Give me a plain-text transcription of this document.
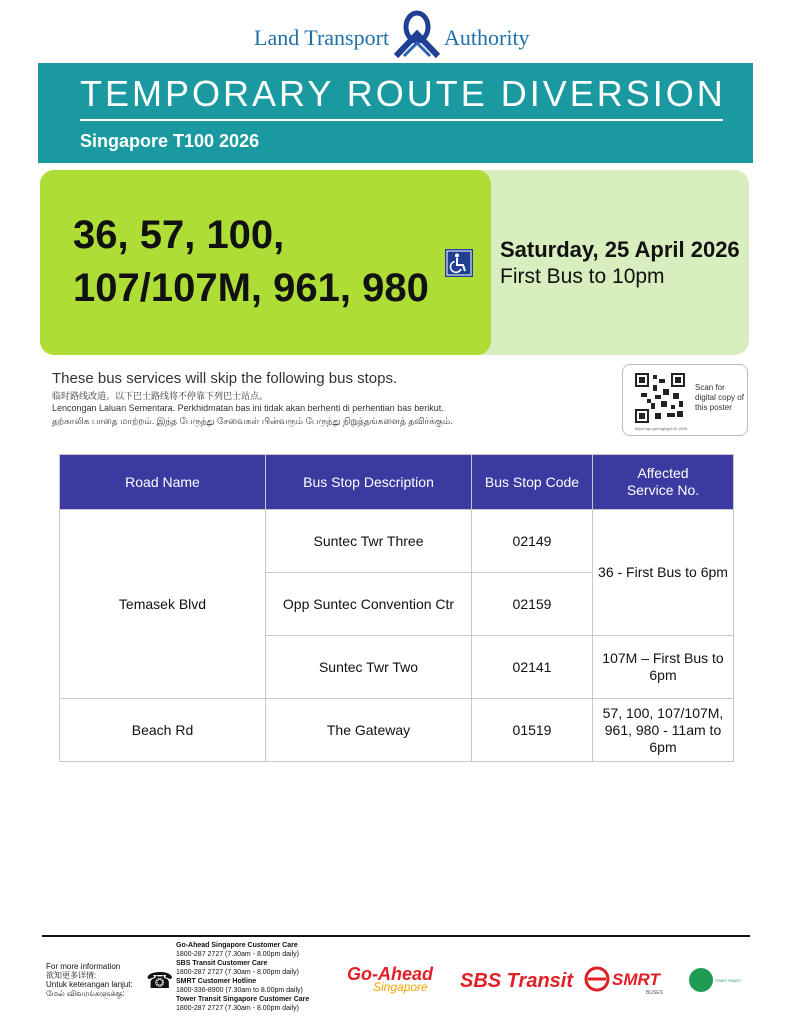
Land Transport Authority
TEMPORARY ROUTE DIVERSION
Singapore T100 2026
36, 57, 100,
107/107M, 961, 980
Saturday, 25 April 2026
First Bus to 10pm
These bus services will skip the following bus stops.
临时路线改道。以下巴士路线将不停靠下列巴士站点。
Lencongan Laluan Sementara. Perkhidmatan bas ini tidak akan berhenti di perhentian bas berikut.
தற்காலிக பாதை மாற்றம். இந்த பேருந்து சேவைகள் பின்வரும் பேருந்து நிறுத்தங்களைத் தவிர்க்கும்.
Scan for digital copy of this poster
https://go.gov.sg/sgt100-2026
Road Name	Bus Stop Description	Bus Stop Code	Affected Service No.
Temasek Blvd	Suntec Twr Three	02149	36 - First Bus to 6pm
	Opp Suntec Convention Ctr	02159	
	Suntec Twr Two	02141	107M – First Bus to 6pm
Beach Rd	The Gateway	01519	57, 100, 107/107M, 961, 980 - 11am to 6pm
For more information
欲知更多详情:
Untuk keterangan lanjut:
மேல் விவரங்களுக்கு:
☎
Go-Ahead Singapore Customer Care
1800-287 2727 (7.30am - 8.00pm daily)
SBS Transit Customer Care
1800-287 2727 (7.30am - 8.00pm daily)
SMRT Customer Hotline
1800-336-8900 (7.30am to 8.00pm daily)
Tower Transit Singapore Customer Care
1800-287 2727 (7.30am - 8.00pm daily)
Go-Ahead
Singapore SBS Transit SMRT
BUSES
TOWER TRANSIT
